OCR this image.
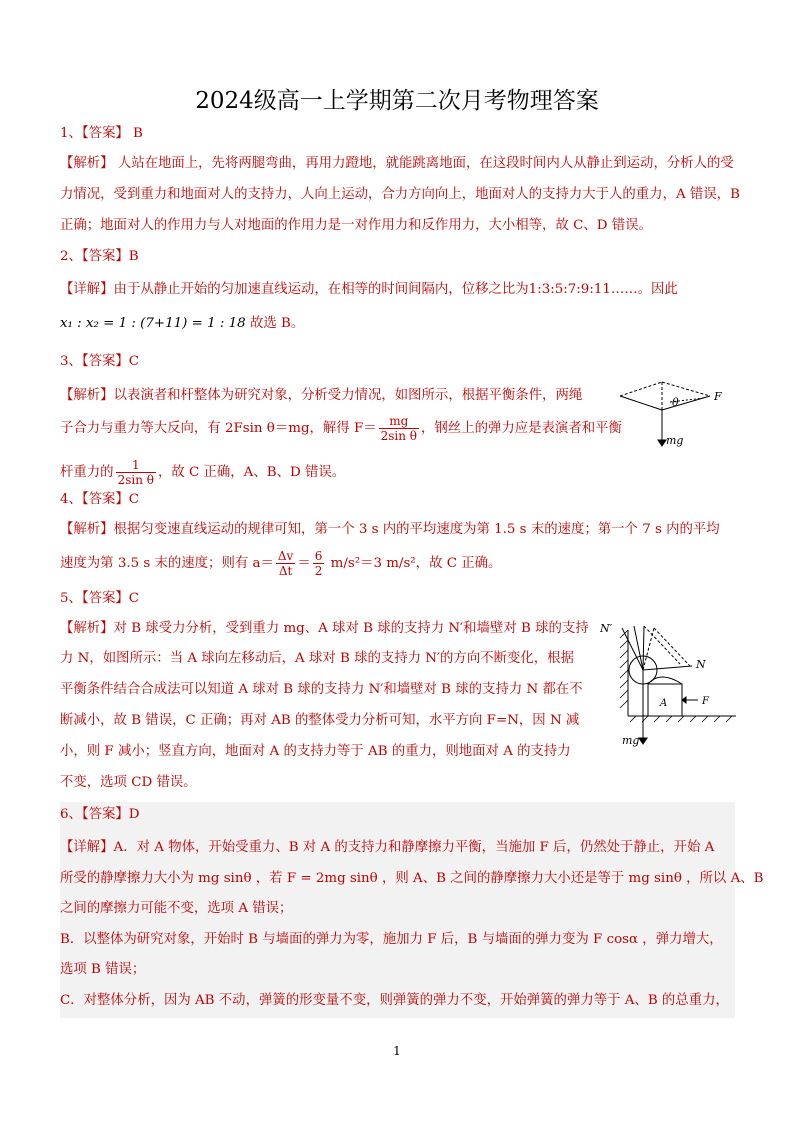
2024级高一上学期第二次月考物理答案
1、【答案】 B
【解析】 人站在地面上，先将两腿弯曲，再用力蹬地，就能跳离地面，在这段时间内人从静止到运动，分析人的受
力情况，受到重力和地面对人的支持力，人向上运动，合力方向向上，地面对人的支持力大于人的重力，A 错误，B
正确；地面对人的作用力与人对地面的作用力是一对作用力和反作用力，大小相等，故 C、D 错误。
2、【答案】B
【详解】由于从静止开始的匀加速直线运动，在相等的时间间隔内，位移之比为1:3:5:7:9:11……。因此
x₁ : x₂ = 1 : (7+11) = 1 : 18 故选 B。
3、【答案】C
【解析】以表演者和杆整体为研究对象，分析受力情况，如图所示，根据平衡条件，两绳
子合力与重力等大反向，有 2Fsin θ＝mg，解得 $F= \frac{mg}{\text{2sin θ}}$ ，钢丝上的弹力应是表演者和平衡
杆重力的 $\frac{1}{\text{2sin θ}}$ ，故 C 正确，A、B、D 错误。
θ	F
mg
4、【答案】C
【解析】根据匀变速直线运动的规律可知，第一个 3 s 内的平均速度为第 1.5 s 末的速度；第一个 7 s 内的平均
速度为第 3.5 s 末的速度；则有 $a= \frac{\Delta v}{\Delta t} = \frac{6}{2} m/s^2=3$ m/s²，故 C 正确。
5、【答案】C
【解析】对 B 球受力分析，受到重力 mg、A 球对 B 球的支持力 N′和墙壁对 B 球的支持
力 N，如图所示：当 A 球向左移动后，A 球对 B 球的支持力 N′的方向不断变化，根据
平衡条件结合合成法可以知道 A 球对 B 球的支持力 N′和墙壁对 B 球的支持力 N 都在不
断减小，故 B 错误，C 正确；再对 AB 的整体受力分析可知，水平方向 F=N，因 N 减
小，则 F 减小；竖直方向，地面对 A 的支持力等于 AB 的重力，则地面对 A 的支持力
不变，选项 CD 错误。
N′
N
A	F
mg
6、【答案】D
【详解】A．对 A 物体，开始受重力、B 对 A 的支持力和静摩擦力平衡，当施加 F 后，仍然处于静止，开始 A
所受的静摩擦力大小为 mg sinθ ，若 F = 2mg sinθ ，则 A、B 之间的静摩擦力大小还是等于 mg sinθ ，所以 A、B
之间的摩擦力可能不变，选项 A 错误；
B．以整体为研究对象，开始时 B 与墙面的弹力为零，施加力 F 后，B 与墙面的弹力变为 F cosα ，弹力增大，
选项 B 错误；
C．对整体分析，因为 AB 不动，弹簧的形变量不变，则弹簧的弹力不变，开始弹簧的弹力等于 A、B 的总重力，
1
